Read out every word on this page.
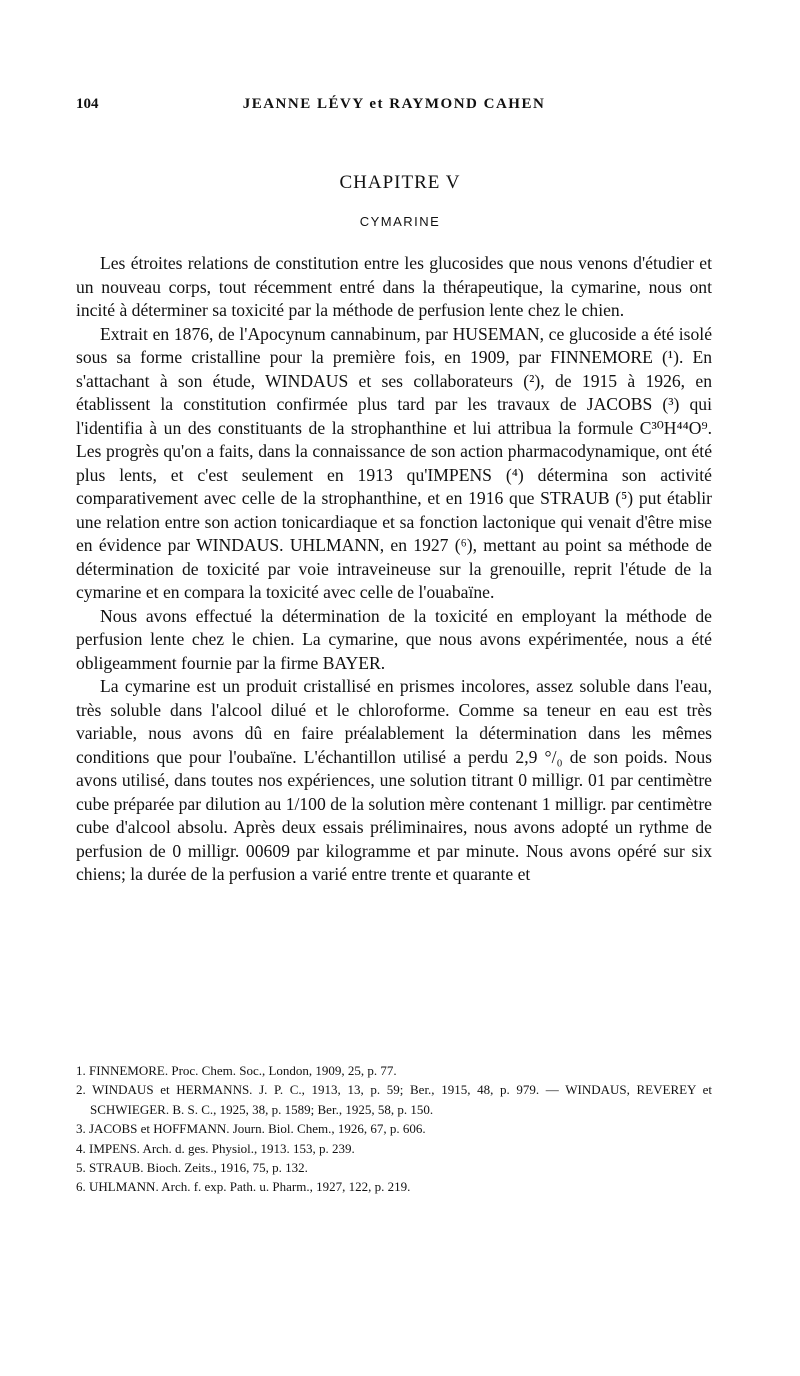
104	JEANNE LÉVY et RAYMOND CAHEN
CHAPITRE V
CYMARINE

Les étroites relations de constitution entre les glucosides que nous venons d'étudier et un nouveau corps, tout récemment entré dans la thérapeutique, la cymarine, nous ont incité à déterminer sa toxicité par la méthode de perfusion lente chez le chien.

Extrait en 1876, de l'Apocynum cannabinum, par HUSEMAN, ce glucoside a été isolé sous sa forme cristalline pour la première fois, en 1909, par FINNEMORE (¹). En s'attachant à son étude, WINDAUS et ses collaborateurs (²), de 1915 à 1926, en établissent la constitution confirmée plus tard par les travaux de JACOBS (³) qui l'identifia à un des constituants de la strophanthine et lui attribua la formule C³⁰H⁴⁴O⁹. Les progrès qu'on a faits, dans la connaissance de son action pharmacodynamique, ont été plus lents, et c'est seulement en 1913 qu'IMPENS (⁴) détermina son activité comparativement avec celle de la strophanthine, et en 1916 que STRAUB (⁵) put établir une relation entre son action tonicardiaque et sa fonction lactonique qui venait d'être mise en évidence par WINDAUS. UHLMANN, en 1927 (⁶), mettant au point sa méthode de détermination de toxicité par voie intraveineuse sur la grenouille, reprit l'étude de la cymarine et en compara la toxicité avec celle de l'ouabaïne.

Nous avons effectué la détermination de la toxicité en employant la méthode de perfusion lente chez le chien. La cymarine, que nous avons expérimentée, nous a été obligeamment fournie par la firme BAYER.

La cymarine est un produit cristallisé en prismes incolores, assez soluble dans l'eau, très soluble dans l'alcool dilué et le chloroforme. Comme sa teneur en eau est très variable, nous avons dû en faire préalablement la détermination dans les mêmes conditions que pour l'oubaïne. L'échantillon utilisé a perdu 2,9 °/₀ de son poids. Nous avons utilisé, dans toutes nos expériences, une solution titrant 0 milligr. 01 par centimètre cube préparée par dilution au 1/100 de la solution mère contenant 1 milligr. par centimètre cube d'alcool absolu. Après deux essais préliminaires, nous avons adopté un rythme de perfusion de 0 milligr. 00609 par kilogramme et par minute. Nous avons opéré sur six chiens; la durée de la perfusion a varié entre trente et quarante et

1. FINNEMORE. Proc. Chem. Soc., London, 1909, 25, p. 77.

2. WINDAUS et HERMANNS. J. P. C., 1913, 13, p. 59; Ber., 1915, 48, p. 979. — WINDAUS, REVEREY et SCHWIEGER. B. S. C., 1925, 38, p. 1589; Ber., 1925, 58, p. 150.

3. JACOBS et HOFFMANN. Journ. Biol. Chem., 1926, 67, p. 606.

4. IMPENS. Arch. d. ges. Physiol., 1913. 153, p. 239.

5. STRAUB. Bioch. Zeits., 1916, 75, p. 132.

6. UHLMANN. Arch. f. exp. Path. u. Pharm., 1927, 122, p. 219.
